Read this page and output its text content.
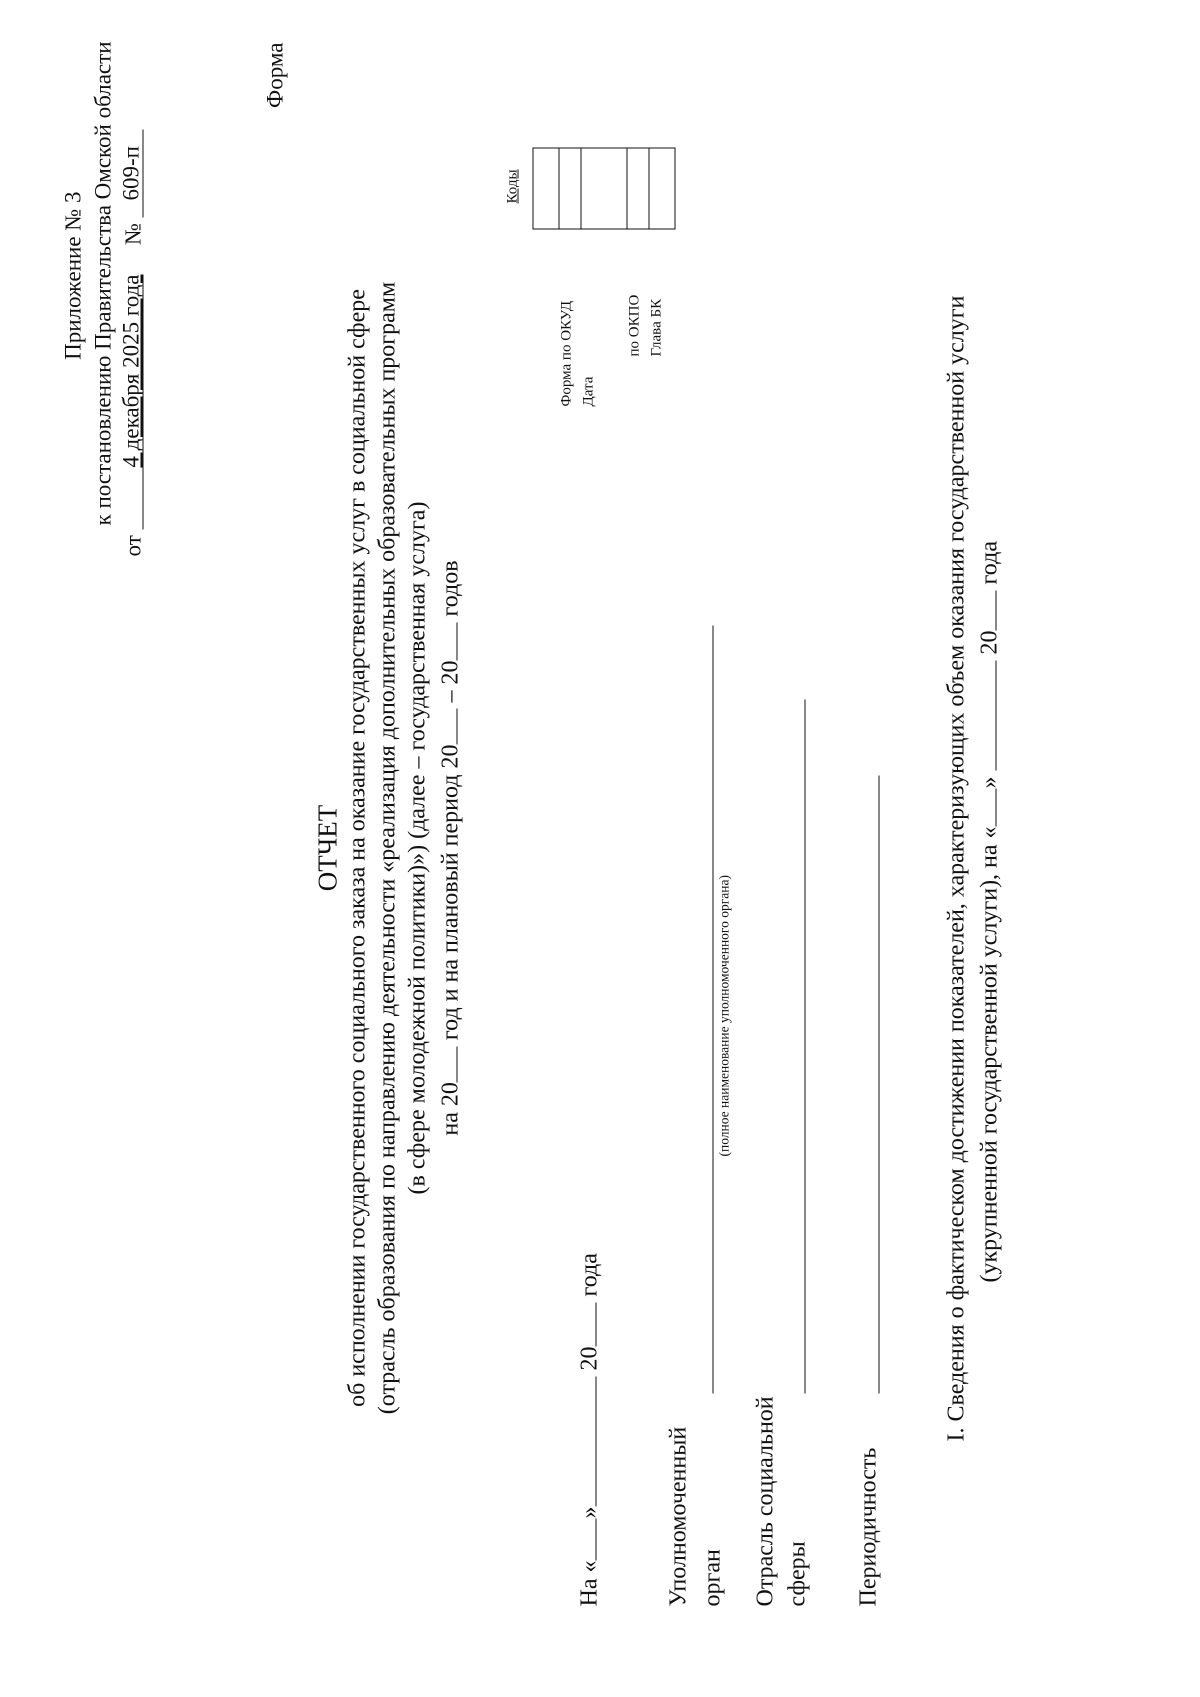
Приложение № 3 к постановлению Правительства Омской области
от 4 декабря 2025 года  № 609-п
Форма
ОТЧЕТ об исполнении государственного социального заказа на оказание государственных услуг в социальной сфере (отрасль образования по направлению деятельности «реализация дополнительных образовательных программ (в сфере молодежной политики)») (далее – государственная услуга) на 20 год и на плановый период 20 – 20 годов
Коды
Форма по ОКУД Дата
по ОКПО Глава БК
На «» 20 года
Уполномоченный орган
(полное наименование уполномоченного органа)
Отрасль социальной сферы Периодичность
I. Сведения о фактическом достижении показателей, характеризующих объем оказания государственной услуги (укрупненной государственной услуги), на «»  20 года
